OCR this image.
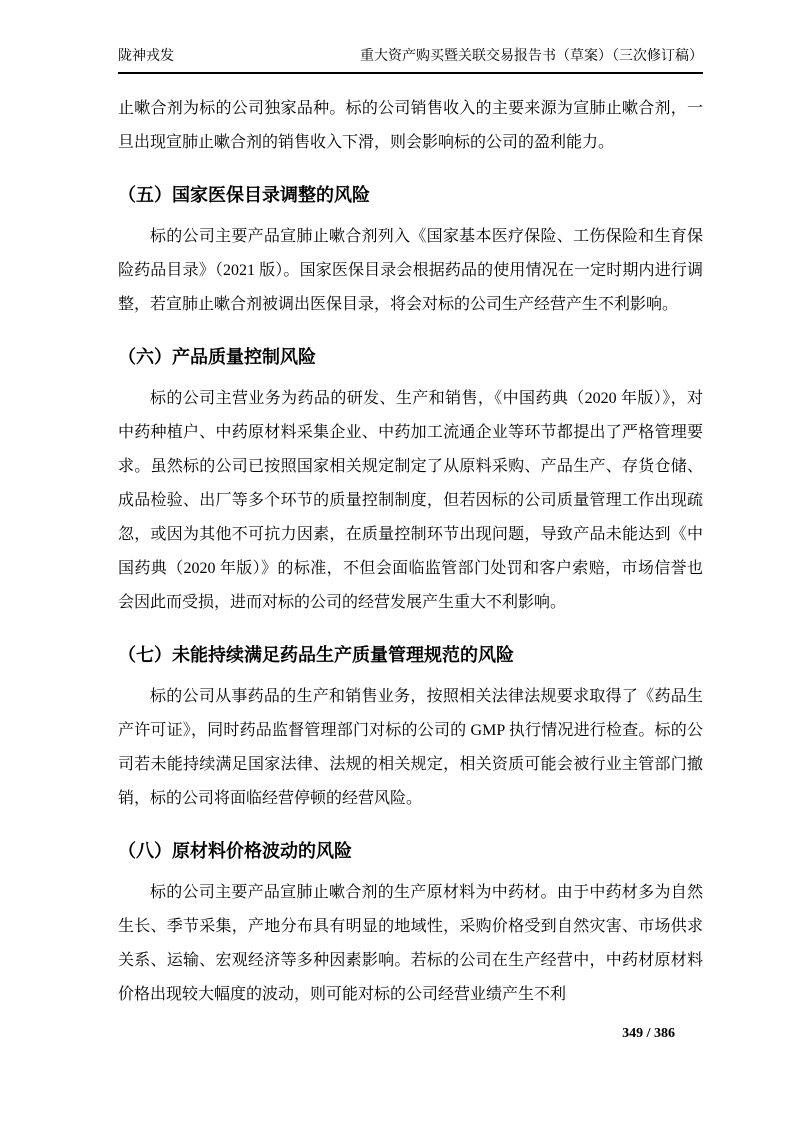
陇神戎发	重大资产购买暨关联交易报告书（草案）（三次修订稿）

止嗽合剂为标的公司独家品种。标的公司销售收入的主要来源为宣肺止嗽合剂，一旦出现宣肺止嗽合剂的销售收入下滑，则会影响标的公司的盈利能力。

（五）国家医保目录调整的风险

标的公司主要产品宣肺止嗽合剂列入《国家基本医疗保险、工伤保险和生育保险药品目录》（2021 版）。国家医保目录会根据药品的使用情况在一定时期内进行调整，若宣肺止嗽合剂被调出医保目录，将会对标的公司生产经营产生不利影响。

（六）产品质量控制风险

标的公司主营业务为药品的研发、生产和销售，《中国药典（2020 年版）》，对中药种植户、中药原材料采集企业、中药加工流通企业等环节都提出了严格管理要求。虽然标的公司已按照国家相关规定制定了从原料采购、产品生产、存货仓储、成品检验、出厂等多个环节的质量控制制度，但若因标的公司质量管理工作出现疏忽，或因为其他不可抗力因素，在质量控制环节出现问题，导致产品未能达到《中国药典（2020 年版）》的标准，不但会面临监管部门处罚和客户索赔，市场信誉也会因此而受损，进而对标的公司的经营发展产生重大不利影响。

（七）未能持续满足药品生产质量管理规范的风险

标的公司从事药品的生产和销售业务，按照相关法律法规要求取得了《药品生产许可证》，同时药品监督管理部门对标的公司的 GMP 执行情况进行检查。标的公司若未能持续满足国家法律、法规的相关规定，相关资质可能会被行业主管部门撤销，标的公司将面临经营停顿的经营风险。

（八）原材料价格波动的风险

标的公司主要产品宣肺止嗽合剂的生产原材料为中药材。由于中药材多为自然生长、季节采集，产地分布具有明显的地域性，采购价格受到自然灾害、市场供求关系、运输、宏观经济等多种因素影响。若标的公司在生产经营中，中药材原材料价格出现较大幅度的波动，则可能对标的公司经营业绩产生不利

349 / 386
